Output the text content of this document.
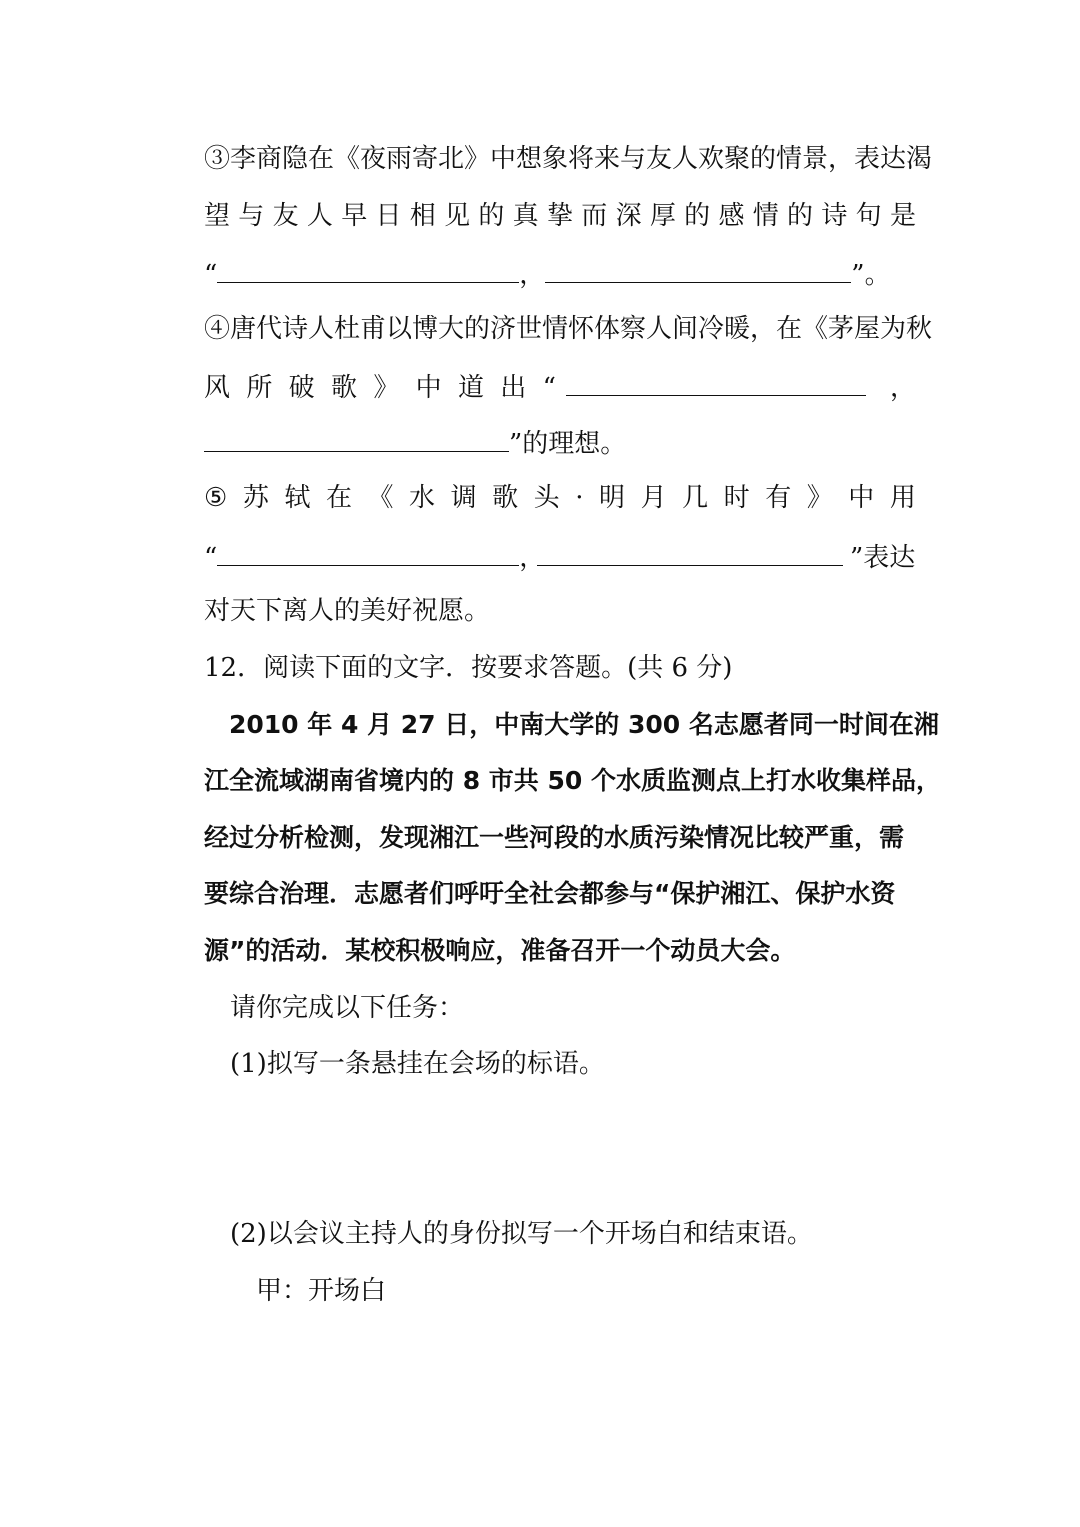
③李商隐在《夜雨寄北》中想象将来与友人欢聚的情景，表达渴
望 与 友 人 早 日 相 见 的 真 挚 而 深 厚 的 感 情 的 诗 句 是
“	，	”。
④唐代诗人杜甫以博大的济世情怀体察人间冷暖，在《茅屋为秋
风 所 破 歌 》 中 道 出 “	，
”的理想。
⑤ 苏 轼 在 《 水 调 歌 头 · 明 月 几 时 有 》 中 用
“	，	”表达
对天下离人的美好祝愿。
12．阅读下面的文字．按要求答题。(共 6 分)
　2010 年 4 月 27 日，中南大学的 300 名志愿者同一时间在湘
江全流域湖南省境内的 8 市共 50 个水质监测点上打水收集样品，
经过分析检测，发现湘江一些河段的水质污染情况比较严重，需
要综合治理．志愿者们呼吁全社会都参与“保护湘江、保护水资
源”的活动．某校积极响应，准备召开一个动员大会。
请你完成以下任务：
(1)拟写一条悬挂在会场的标语。
(2)以会议主持人的身份拟写一个开场白和结束语。
甲：开场白
